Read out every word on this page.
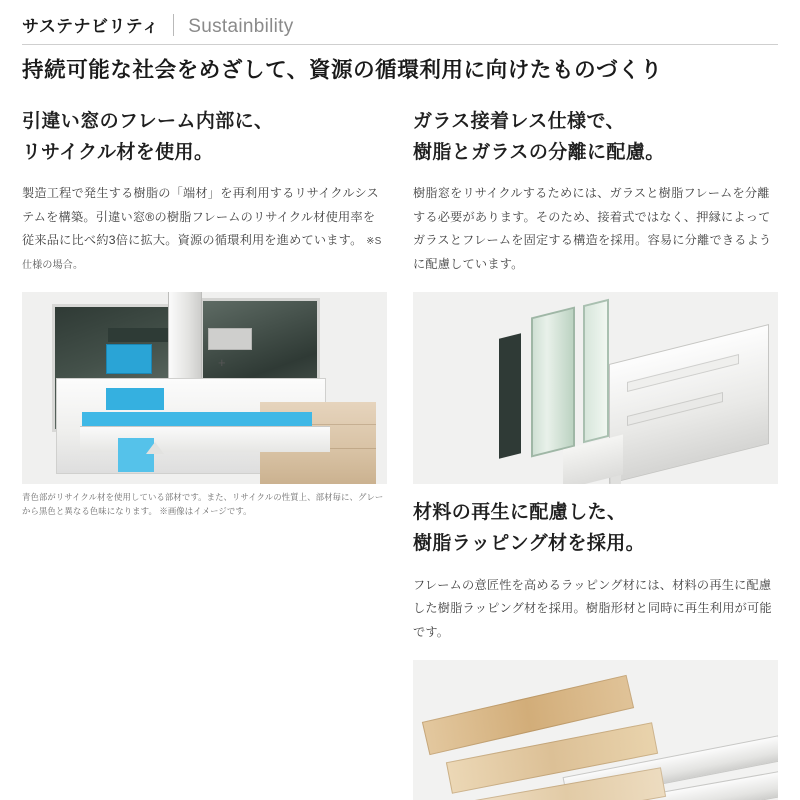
サステナビリティ Sustainbility
持続可能な社会をめざして、資源の循環利用に向けたものづくり
引違い窓のフレーム内部に、
リサイクル材を使用。
製造工程で発生する樹脂の「端材」を再利用するリサイクルシステムを構築。引違い窓®の樹脂フレームのリサイクル材使用率を従来品に比べ約3倍に拡大。資源の循環利用を進めています。 ※S仕様の場合。
+
青色部がリサイクル材を使用している部材です。また、リサイクルの性質上、部材毎に、グレーから黒色と異なる色味になります。 ※画像はイメージです。
ガラス接着レス仕様で、
樹脂とガラスの分離に配慮。
樹脂窓をリサイクルするためには、ガラスと樹脂フレームを分離する必要があります。そのため、接着式ではなく、押縁によってガラスとフレームを固定する構造を採用。容易に分離できるように配慮しています。
材料の再生に配慮した、
樹脂ラッピング材を採用。
フレームの意匠性を高めるラッピング材には、材料の再生に配慮した樹脂ラッピング材を採用。樹脂形材と同時に再生利用が可能です。
